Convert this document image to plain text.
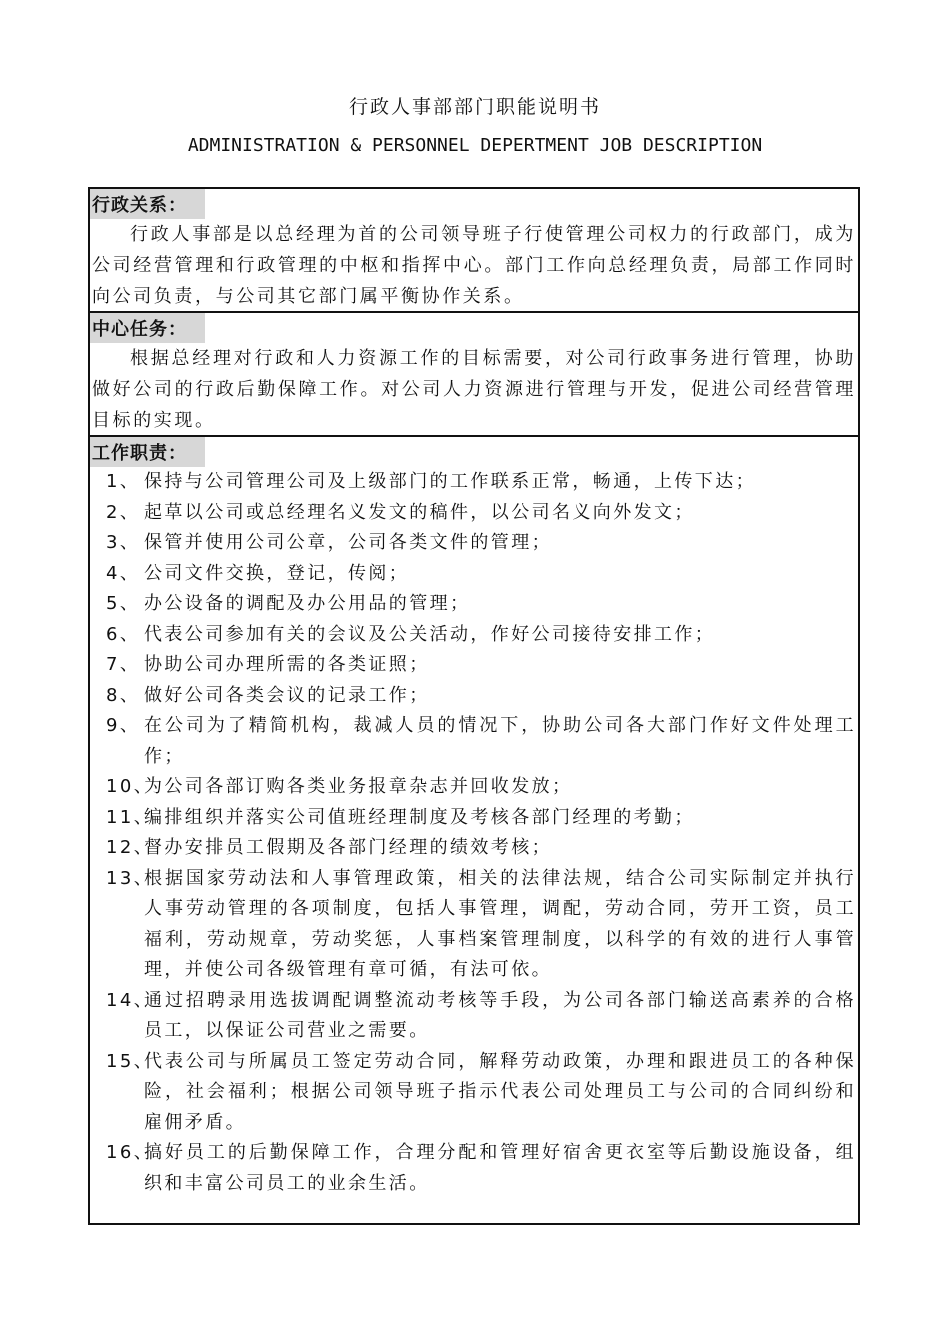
行政人事部部门职能说明书
ADMINISTRATION & PERSONNEL DEPERTMENT JOB DESCRIPTION
行政关系：
行政人事部是以总经理为首的公司领导班子行使管理公司权力的行政部门，成为公司经营管理和行政管理的中枢和指挥中心。部门工作向总经理负责，局部工作同时向公司负责，与公司其它部门属平衡协作关系。
中心任务：
根据总经理对行政和人力资源工作的目标需要，对公司行政事务进行管理，协助做好公司的行政后勤保障工作。对公司人力资源进行管理与开发，促进公司经营管理目标的实现。
工作职责：
1、 保持与公司管理公司及上级部门的工作联系正常，畅通，上传下达；
2、 起草以公司或总经理名义发文的稿件，以公司名义向外发文；
3、 保管并使用公司公章，公司各类文件的管理；
4、 公司文件交换，登记，传阅；
5、 办公设备的调配及办公用品的管理；
6、 代表公司参加有关的会议及公关活动，作好公司接待安排工作；
7、 协助公司办理所需的各类证照；
8、 做好公司各类会议的记录工作；
9、 在公司为了精简机构，裁减人员的情况下，协助公司各大部门作好文件处理工作；
10、
为公司各部订购各类业务报章杂志并回收发放；
11、
编排组织并落实公司值班经理制度及考核各部门经理的考勤；
12、
督办安排员工假期及各部门经理的绩效考核；
13、
根据国家劳动法和人事管理政策，相关的法律法规，结合公司实际制定并执行人事劳动管理的各项制度，包括人事管理，调配，劳动合同，劳开工资，员工福利，劳动规章，劳动奖惩，人事档案管理制度，以科学的有效的进行人事管理，并使公司各级管理有章可循，有法可依。
14、
通过招聘录用选拔调配调整流动考核等手段，为公司各部门输送高素养的合格员工，以保证公司营业之需要。
15、
代表公司与所属员工签定劳动合同，解释劳动政策，办理和跟进员工的各种保险，社会福利；根据公司领导班子指示代表公司处理员工与公司的合同纠纷和雇佣矛盾。
16、
搞好员工的后勤保障工作，合理分配和管理好宿舍更衣室等后勤设施设备，组织和丰富公司员工的业余生活。
